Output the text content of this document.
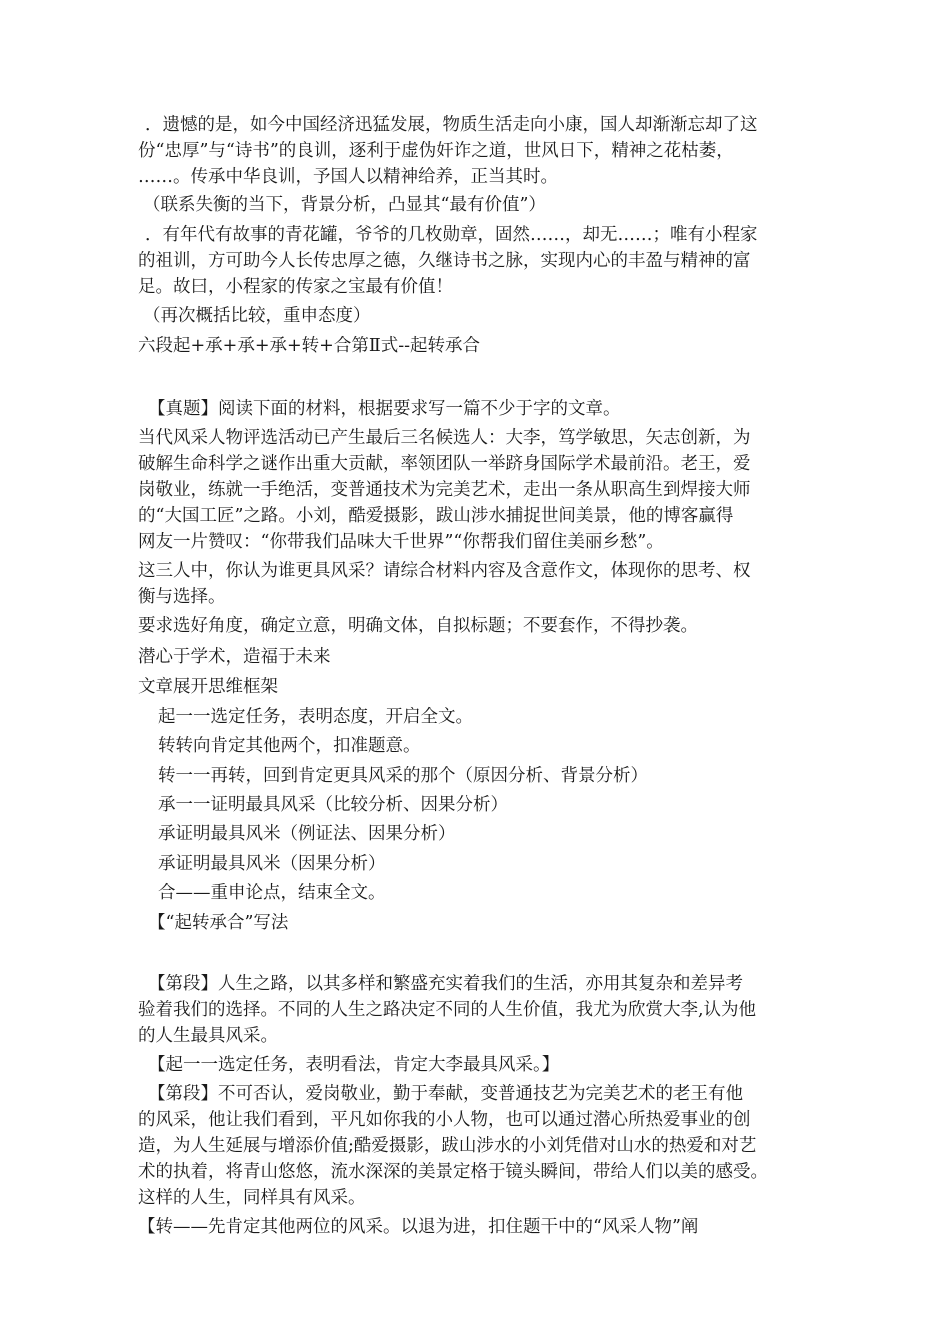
．遗憾的是，如今中国经济迅猛发展，物质生活走向小康，国人却渐渐忘却了这
份“忠厚”与“诗书”的良训，逐利于虚伪奸诈之道，世风日下，精神之花枯萎，
……。传承中华良训，予国人以精神给养，正当其时。
（联系失衡的当下，背景分析，凸显其“最有价值”）
．有年代有故事的青花罐，爷爷的几枚勋章，固然……，却无……；唯有小程家
的祖训，方可助今人长传忠厚之德，久继诗书之脉，实现内心的丰盈与精神的富
足。故曰，小程家的传家之宝最有价值！
（再次概括比较，重申态度）
六段起+承+承+承+转+合第Ⅱ式--起转承合
【真题】阅读下面的材料，根据要求写一篇不少于字的文章。
当代风采人物评选活动已产生最后三名候选人：大李，笃学敏思，矢志创新，为
破解生命科学之谜作出重大贡献，率领团队一举跻身国际学术最前沿。老王，爱
岗敬业，练就一手绝活，变普通技术为完美艺术，走出一条从职高生到焊接大师
的“大国工匠”之路。小刘，酷爱摄影，跋山涉水捕捉世间美景，他的博客赢得
网友一片赞叹：“你带我们品味大千世界”“你帮我们留住美丽乡愁”。
这三人中，你认为谁更具风采？请综合材料内容及含意作文，体现你的思考、权
衡与选择。
要求选好角度，确定立意，明确文体，自拟标题；不要套作，不得抄袭。
潜心于学术，造福于未来
文章展开思维框架
起一一选定任务，表明态度，开启全文。
转转向肯定其他两个，扣准题意。
转一一再转，回到肯定更具风采的那个（原因分析、背景分析）
承一一证明最具风采（比较分析、因果分析）
承证明最具风米（例证法、因果分析）
承证明最具风米（因果分析）
合——重申论点，结束全文。
【“起转承合”写法
【第段】人生之路，以其多样和繁盛充实着我们的生活，亦用其复杂和差异考
验着我们的选择。不同的人生之路决定不同的人生价值，我尤为欣赏大李,认为他
的人生最具风采。
【起一一选定任务，表明看法，肯定大李最具风采。】
【第段】不可否认，爱岗敬业，勤于奉献，变普通技艺为完美艺术的老王有他
的风采，他让我们看到，平凡如你我的小人物，也可以通过潜心所热爱事业的创
造，为人生延展与增添价值;酷爱摄影，跋山涉水的小刘凭借对山水的热爱和对艺
术的执着，将青山悠悠，流水深深的美景定格于镜头瞬间，带给人们以美的感受。
这样的人生，同样具有风采。
【转——先肯定其他两位的风采。以退为进，扣住题干中的“风采人物”阐
